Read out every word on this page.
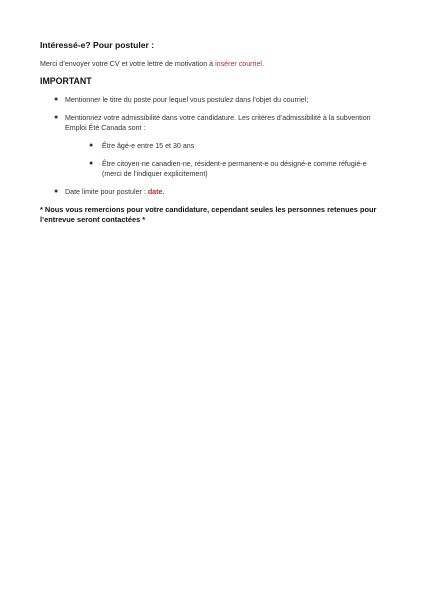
Intéressé-e? Pour postuler :

Merci d’envoyer votre CV et votre lettre de motivation à insérer courriel.

IMPORTANT

● Mentionner le titre du poste pour lequel vous postulez dans l’objet du courriel;
● Mentionnez votre admissibilité dans votre candidature. Les critères d’admissibilité à la subvention Emploi Été Canada sont :
● Être âgé-e entre 15 et 30 ans
● Être citoyen-ne canadien-ne, résident-e permanent-e ou désigné-e comme réfugié-e (merci de l’indiquer explicitement)
● Date limite pour postuler : date.

* Nous vous remercions pour votre candidature, cependant seules les personnes retenues pour l’entrevue seront contactées *
